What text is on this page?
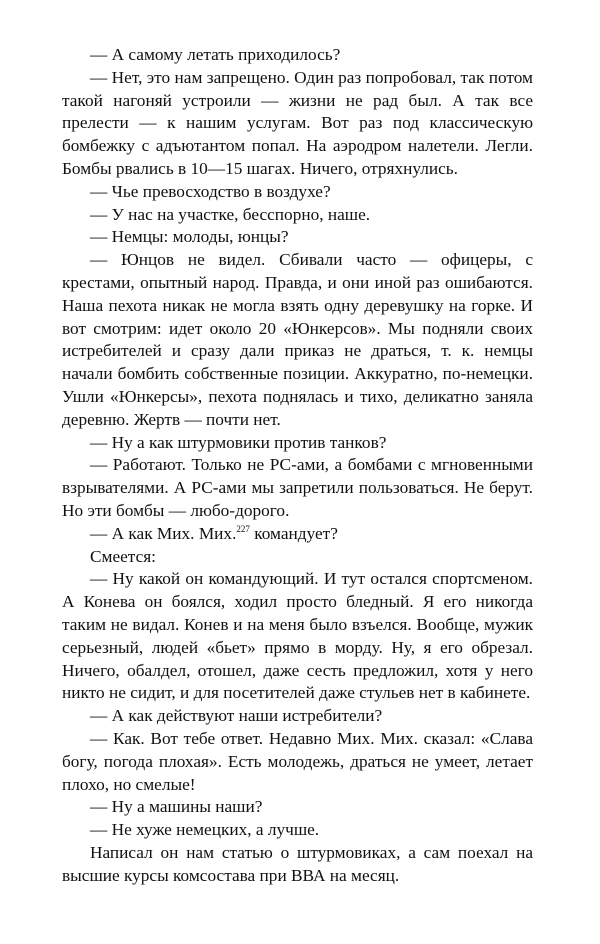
— А самому летать приходилось?

— Нет, это нам запрещено. Один раз попробовал, так потом такой нагоняй устроили — жизни не рад был. А так все прелести — к нашим услугам. Вот раз под классическую бомбежку с адъютантом попал. На аэродром налетели. Легли. Бомбы рвались в 10—15 шагах. Ничего, отряхнулись.

— Чье превосходство в воздухе?

— У нас на участке, бесспорно, наше.

— Немцы: молоды, юнцы?

— Юнцов не видел. Сбивали часто — офицеры, с крестами, опытный народ. Правда, и они иной раз ошибаются. Наша пехота никак не могла взять одну деревушку на горке. И вот смотрим: идет около 20 «Юнкерсов». Мы подняли своих истребителей и сразу дали приказ не драться, т. к. немцы начали бомбить собственные позиции. Аккуратно, по-немецки. Ушли «Юнкерсы», пехота поднялась и тихо, деликатно заняла деревню. Жертв — почти нет.

— Ну а как штурмовики против танков?

— Работают. Только не РС-ами, а бомбами с мгновенными взрывателями. А РС-ами мы запретили пользоваться. Не берут. Но эти бомбы — любо-дорого.

— А как Мих. Мих.$^{227}$ командует?

Смеется:

— Ну какой он командующий. И тут остался спортсменом. А Конева он боялся, ходил просто бледный. Я его никогда таким не видал. Конев и на меня было взъелся. Вообще, мужик серьезный, людей «бьет» прямо в морду. Ну, я его обрезал. Ничего, обалдел, отошел, даже сесть предложил, хотя у него никто не сидит, и для посетителей даже стульев нет в кабинете.

— А как действуют наши истребители?

— Как. Вот тебе ответ. Недавно Мих. Мих. сказал: «Слава богу, погода плохая». Есть молодежь, драться не умеет, летает плохо, но смелые!

— Ну а машины наши?

— Не хуже немецких, а лучше.

Написал он нам статью о штурмовиках, а сам поехал на высшие курсы комсостава при ВВА на месяц.
